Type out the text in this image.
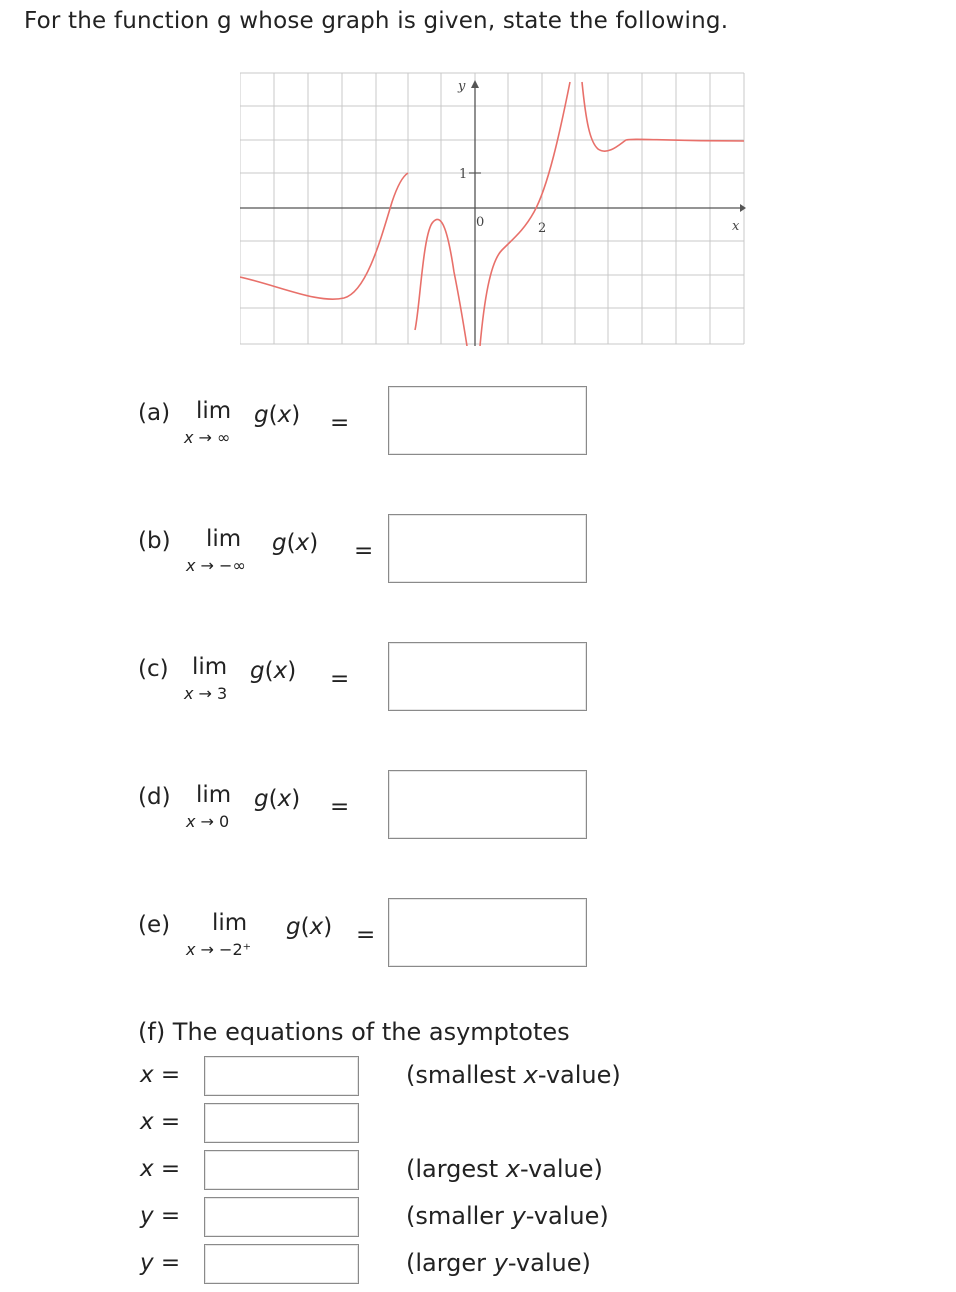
For the function g whose graph is given, state the following.
y
x
1
0	2
(a) lim
x → ∞
g(x) =
(b) lim
x → −∞
g(x) =
(c) lim
x → 3
g(x) =
(d) lim
x → 0
g(x) =
(e) lim
x → −2⁺
g(x) =
(f) The equations of the asymptotes
x =	(smallest x-value)
x =
x =	(largest x-value)
y =	(smaller y-value)
y =	(larger y-value)
